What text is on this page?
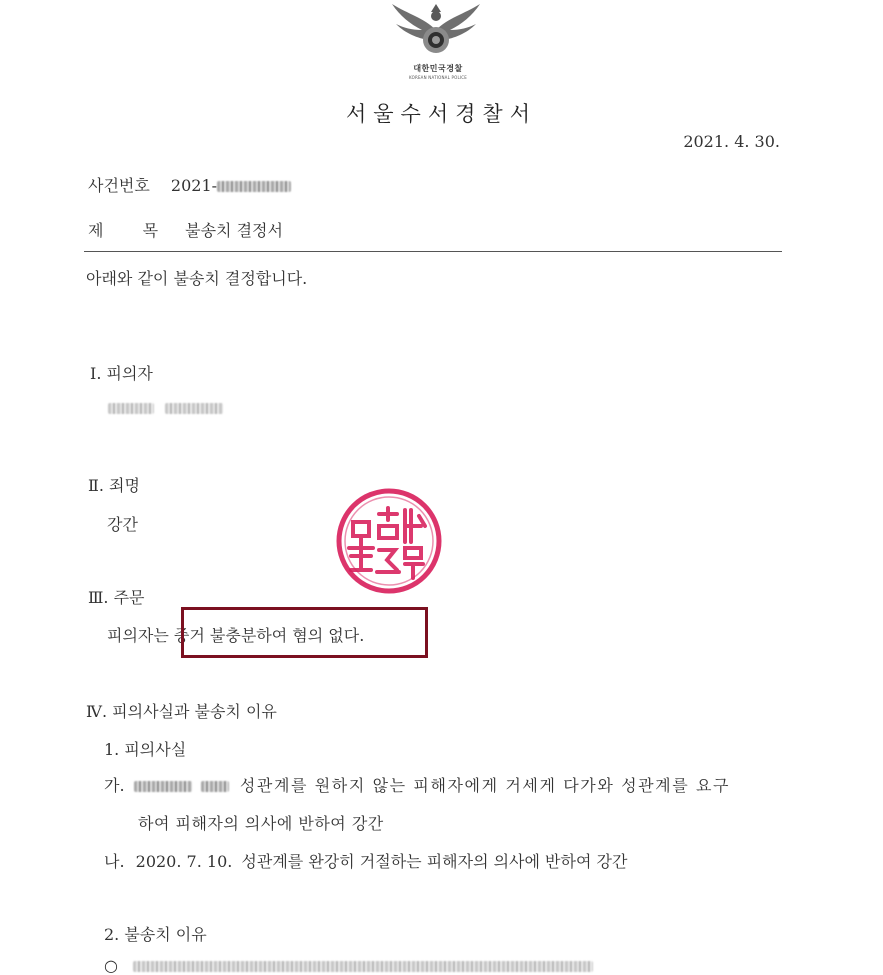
대한민국경찰
KOREAN NATIONAL POLICE
서울수서경찰서
2021. 4. 30.
사건번호 2021-
제 목 불송치 결정서
아래와 같이 불송치 결정합니다.
Ⅰ. 피의자

Ⅱ. 죄명
강간
Ⅲ. 주문
피의자는 증거 불충분하여 혐의 없다.
Ⅳ. 피의사실과 불송치 이유
1. 피의사실
가.	성관계를 원하지 않는 피해자에게 거세게 다가와 성관계를 요구
하여 피해자의 의사에 반하여 강간
나. 2020. 7. 10. 성관계를 완강히 거절하는 피해자의 의사에 반하여 강간
2. 불송치 이유
○
